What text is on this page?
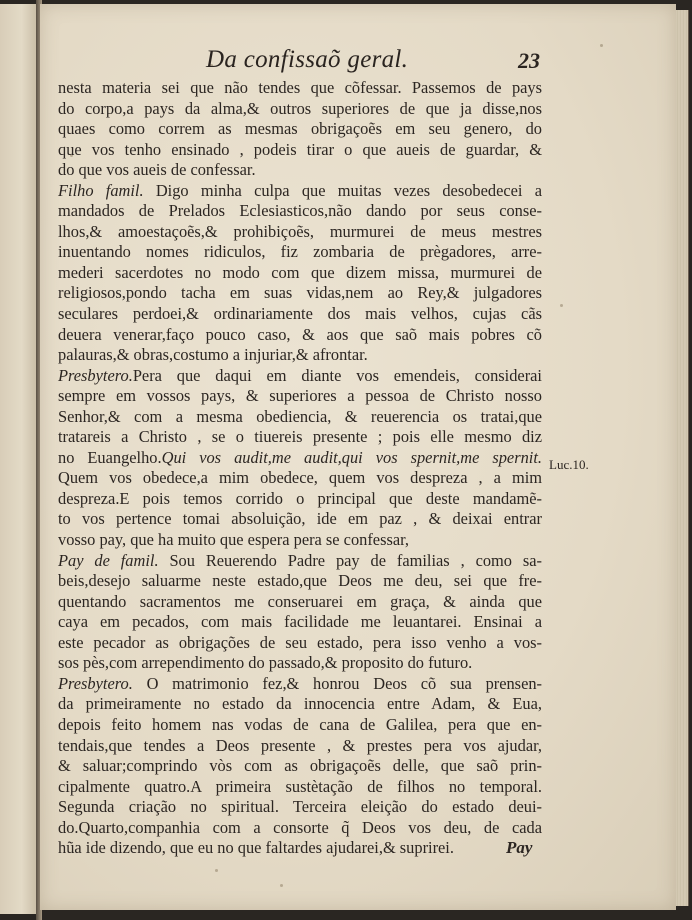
Da confissaõ geral.	23
nesta materia sei que não tendes que cõfessar. Passemos de pays
do corpo,a pays da alma,& outros superiores de que ja disse,nos
quaes como correm as mesmas obrigaçoẽs em seu genero, do
que vos tenho ensinado , podeis tirar o que aueis de guardar, &
do que vos aueis de confessar.
Filho famil. Digo minha culpa que muitas vezes desobedecei a
mandados de Prelados Eclesiasticos,não dando por seus conse-
lhos,& amoestaçoẽs,& prohibiçoẽs, murmurei de meus mestres
inuentando nomes ridiculos, fiz zombaria de prègadores, arre-
mederi sacerdotes no modo com que dizem missa, murmurei de
religiosos,pondo tacha em suas vidas,nem ao Rey,& julgadores
seculares perdoei,& ordinariamente dos mais velhos, cujas cãs
deuera venerar,faço pouco caso, & aos que saõ mais pobres cõ
palauras,& obras,costumo a injuriar,& afrontar.
Presbytero.Pera que daqui em diante vos emendeis, considerai
sempre em vossos pays, & superiores a pessoa de Christo nosso
Senhor,& com a mesma obediencia, & reuerencia os tratai,que
tratareis a Christo , se o tiuereis presente ; pois elle mesmo diz
no Euangelho.Qui vos audit,me audit,qui vos spernit,me spernit.
Quem vos obedece,a mim obedece, quem vos despreza , a mim
despreza.E pois temos corrido o principal que deste mandamẽ-
to vos pertence tomai absoluição, ide em paz , & deixai entrar
vosso pay, que ha muito que espera pera se confessar,
Pay de famil. Sou Reuerendo Padre pay de familias , como sa-
beis,desejo saluarme neste estado,que Deos me deu, sei que fre-
quentando sacramentos me conseruarei em graça, & ainda que
caya em pecados, com mais facilidade me leuantarei. Ensinai a
este pecador as obrigações de seu estado, pera isso venho a vos-
sos pès,com arrependimento do passado,& proposito do futuro.
Presbytero. O matrimonio fez,& honrou Deos cõ sua prensen-
da primeiramente no estado da innocencia entre Adam, & Eua,
depois feito homem nas vodas de cana de Galilea, pera que en-
tendais,que tendes a Deos presente , & prestes pera vos ajudar,
& saluar;comprindo vòs com as obrigaçoẽs delle, que saõ prin-
cipalmente quatro.A primeira sustètação de filhos no temporal.
Segunda criação no spiritual. Terceira eleição do estado deui-
do.Quarto,companhia com a consorte q̃ Deos vos deu, de cada
hũa ide dizendo, que eu no que faltardes ajudarei,& suprirei.
Luc.10.
Pay
